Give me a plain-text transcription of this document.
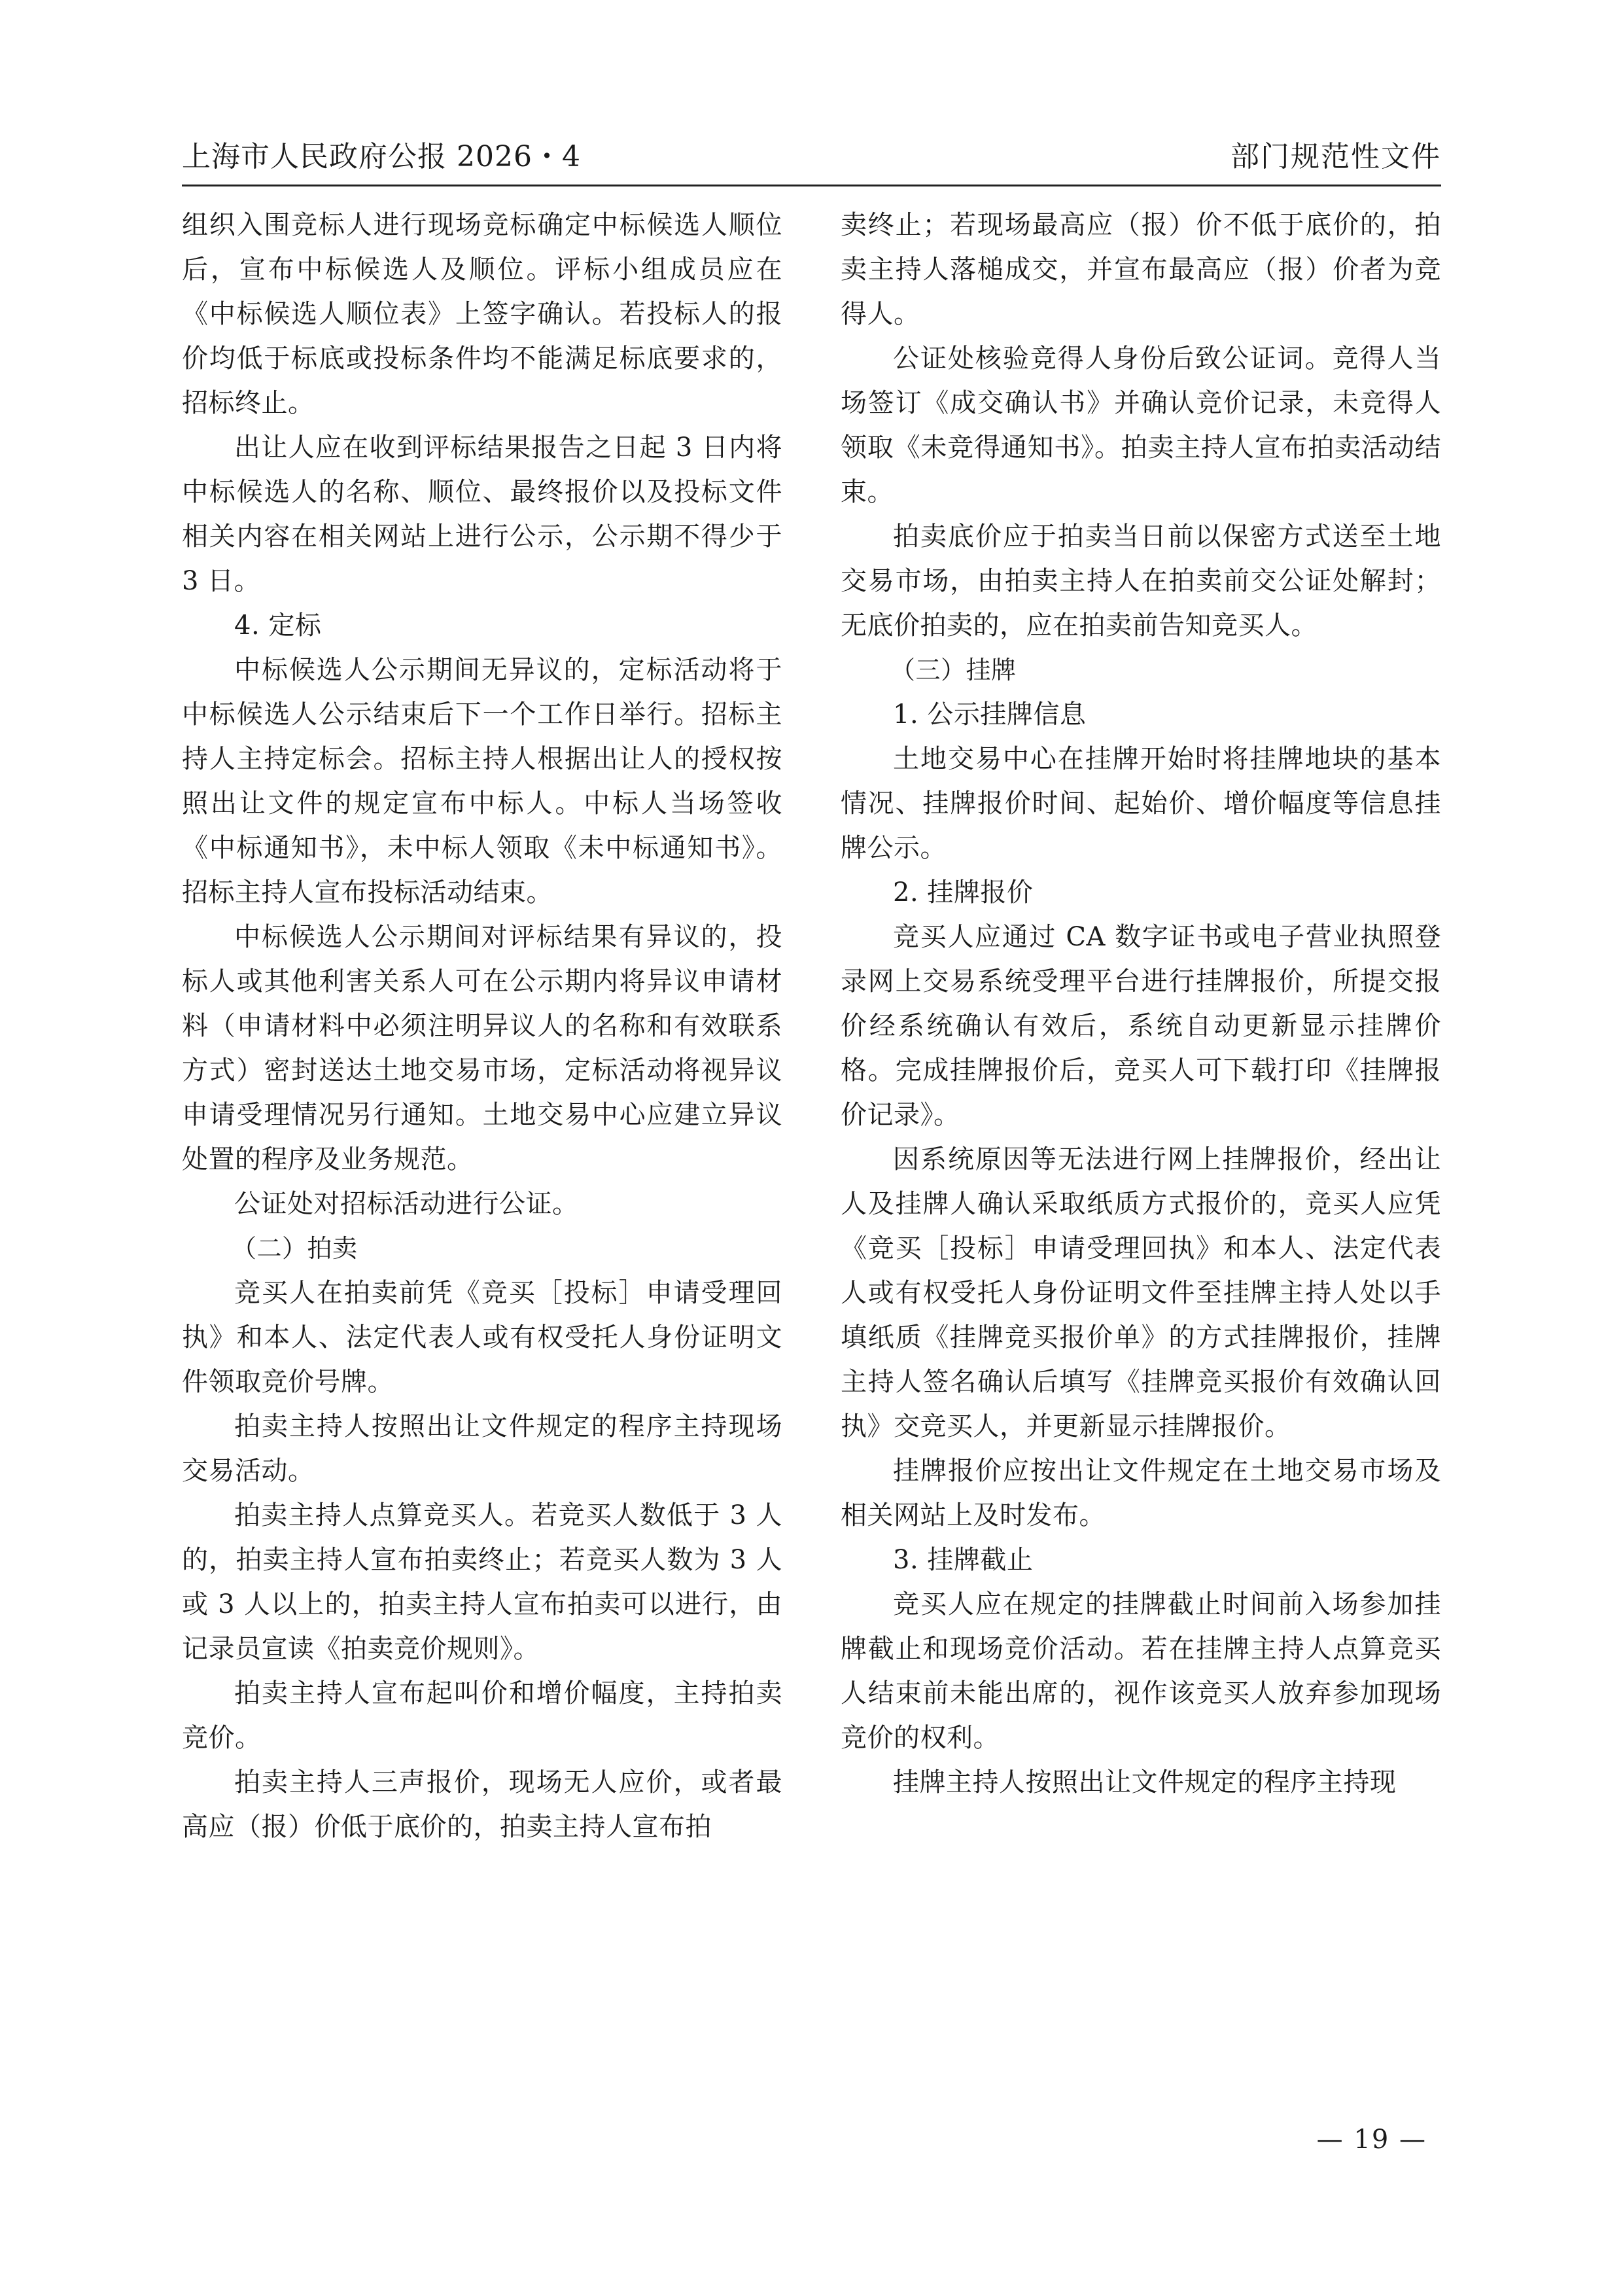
上海市人民政府公报 2026・4	部门规范性文件

组织入围竞标人进行现场竞标确定中标候选人顺位后，宣布中标候选人及顺位。评标小组成员应在《中标候选人顺位表》上签字确认。若投标人的报价均低于标底或投标条件均不能满足标底要求的，招标终止。

出让人应在收到评标结果报告之日起 3 日内将中标候选人的名称、顺位、最终报价以及投标文件相关内容在相关网站上进行公示，公示期不得少于 3 日。

4. 定标

中标候选人公示期间无异议的，定标活动将于中标候选人公示结束后下一个工作日举行。招标主持人主持定标会。招标主持人根据出让人的授权按照出让文件的规定宣布中标人。中标人当场签收《中标通知书》，未中标人领取《未中标通知书》。招标主持人宣布投标活动结束。

中标候选人公示期间对评标结果有异议的，投标人或其他利害关系人可在公示期内将异议申请材料（申请材料中必须注明异议人的名称和有效联系方式）密封送达土地交易市场，定标活动将视异议申请受理情况另行通知。土地交易中心应建立异议处置的程序及业务规范。

公证处对招标活动进行公证。

（二）拍卖

竞买人在拍卖前凭《竞买［投标］申请受理回执》和本人、法定代表人或有权受托人身份证明文件领取竞价号牌。

拍卖主持人按照出让文件规定的程序主持现场交易活动。

拍卖主持人点算竞买人。若竞买人数低于 3 人的，拍卖主持人宣布拍卖终止；若竞买人数为 3 人或 3 人以上的，拍卖主持人宣布拍卖可以进行，由记录员宣读《拍卖竞价规则》。

拍卖主持人宣布起叫价和增价幅度，主持拍卖竞价。

拍卖主持人三声报价，现场无人应价，或者最高应（报）价低于底价的，拍卖主持人宣布拍

卖终止；若现场最高应（报）价不低于底价的，拍卖主持人落槌成交，并宣布最高应（报）价者为竞得人。

公证处核验竞得人身份后致公证词。竞得人当场签订《成交确认书》并确认竞价记录，未竞得人领取《未竞得通知书》。拍卖主持人宣布拍卖活动结束。

拍卖底价应于拍卖当日前以保密方式送至土地交易市场，由拍卖主持人在拍卖前交公证处解封；无底价拍卖的，应在拍卖前告知竞买人。

（三）挂牌

1. 公示挂牌信息

土地交易中心在挂牌开始时将挂牌地块的基本情况、挂牌报价时间、起始价、增价幅度等信息挂牌公示。

2. 挂牌报价

竞买人应通过 CA 数字证书或电子营业执照登录网上交易系统受理平台进行挂牌报价，所提交报价经系统确认有效后，系统自动更新显示挂牌价格。完成挂牌报价后，竞买人可下载打印《挂牌报价记录》。

因系统原因等无法进行网上挂牌报价，经出让人及挂牌人确认采取纸质方式报价的，竞买人应凭《竞买［投标］申请受理回执》和本人、法定代表人或有权受托人身份证明文件至挂牌主持人处以手填纸质《挂牌竞买报价单》的方式挂牌报价，挂牌主持人签名确认后填写《挂牌竞买报价有效确认回执》交竞买人，并更新显示挂牌报价。

挂牌报价应按出让文件规定在土地交易市场及相关网站上及时发布。

3. 挂牌截止

竞买人应在规定的挂牌截止时间前入场参加挂牌截止和现场竞价活动。若在挂牌主持人点算竞买人结束前未能出席的，视作该竞买人放弃参加现场竞价的权利。

挂牌主持人按照出让文件规定的程序主持现

— 19 —
